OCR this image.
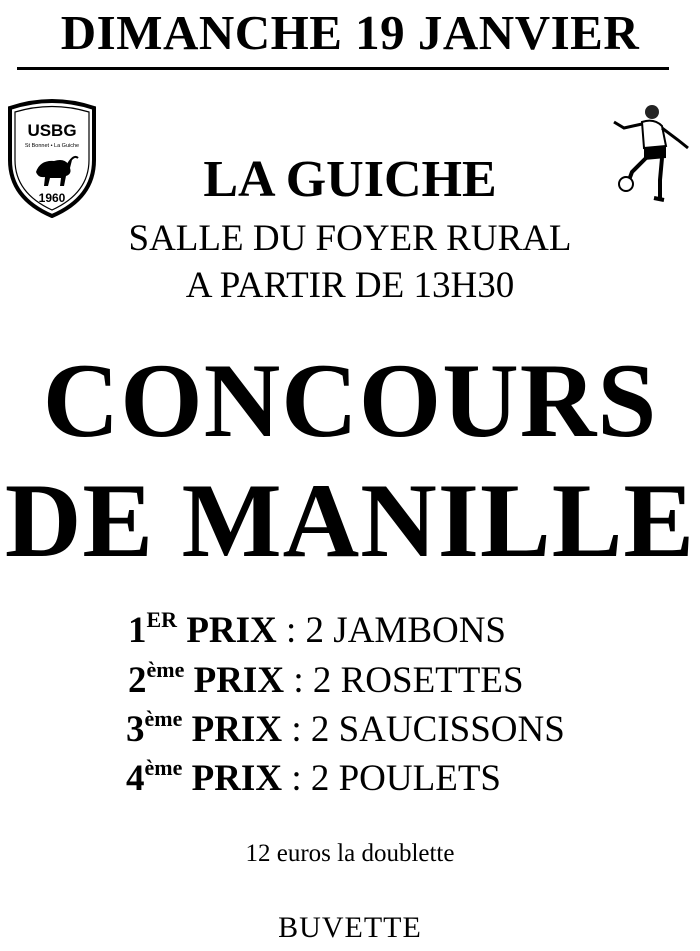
DIMANCHE 19 JANVIER
USBG
St Bonnet • La Guiche
1960	LA GUICHE
SALLE DU FOYER RURAL
A PARTIR DE 13H30
CONCOURS
DE MANILLE
1ER PRIX : 2 JAMBONS
2ème PRIX : 2 ROSETTES
3ème PRIX : 2 SAUCISSONS
4ème PRIX : 2 POULETS
12 euros la doublette
BUVETTE
